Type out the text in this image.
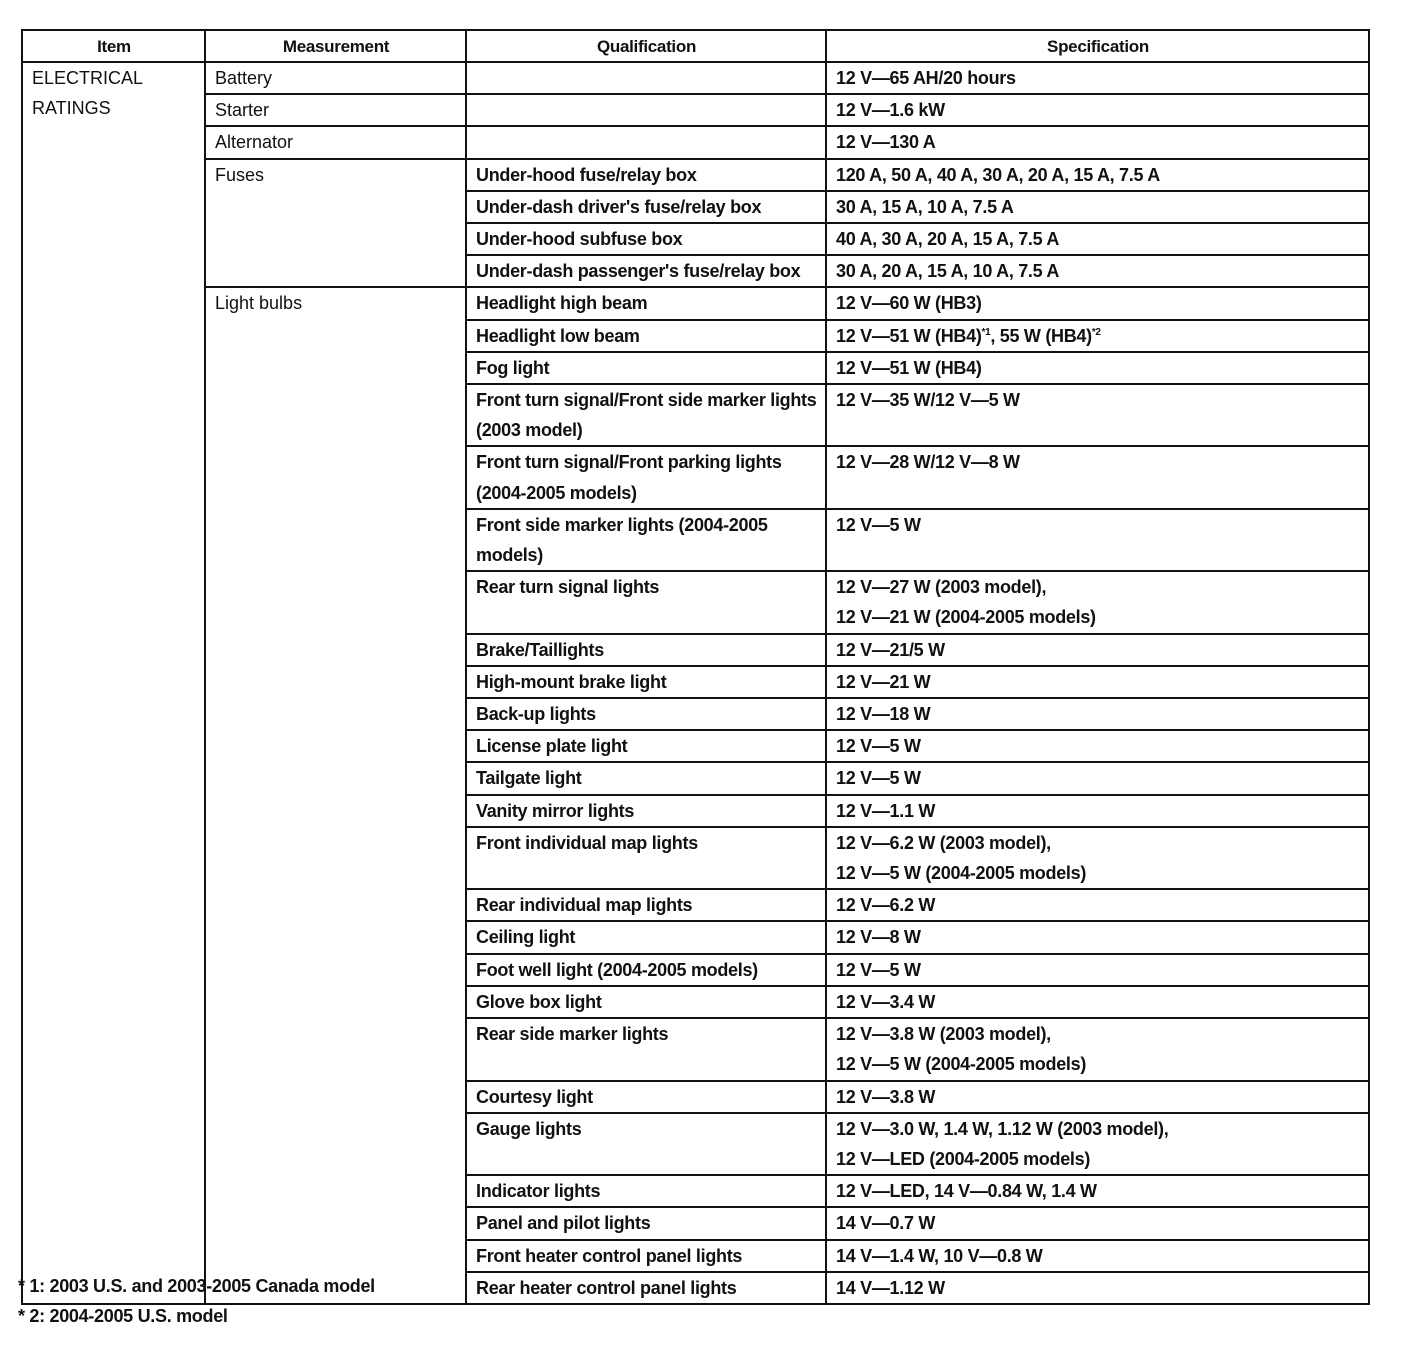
Item	Measurement	Qualification	Specification

ELECTRICAL
RATINGS	Battery		12 V—65 AH/20 hours
	Starter		12 V—1.6 kW
	Alternator		12 V—130 A
	Fuses	Under-hood fuse/relay box	120 A, 50 A, 40 A, 30 A, 20 A, 15 A, 7.5 A
		Under-dash driver's fuse/relay box	30 A, 15 A, 10 A, 7.5 A
		Under-hood subfuse box	40 A, 30 A, 20 A, 15 A, 7.5 A
		Under-dash passenger's fuse/relay box	30 A, 20 A, 15 A, 10 A, 7.5 A
	Light bulbs	Headlight high beam	12 V—60 W (HB3)
		Headlight low beam	12 V—51 W $(HB4)^{*1}$, 55 W $(HB4)^{*2}$
		Fog light	12 V—51 W (HB4)
		Front turn signal/Front side marker lights (2003 model)	12 V—35 W/12 V—5 W
		Front turn signal/Front parking lights (2004-2005 models)	12 V—28 W/12 V—8 W
		Front side marker lights (2004-2005 models)	12 V—5 W
		Rear turn signal lights	12 V—27 W (2003 model),
12 V—21 W (2004-2005 models)

		Brake/Taillights	12 V—21/5 W
		High-mount brake light	12 V—21 W
		Back-up lights	12 V—18 W
		License plate light	12 V—5 W
		Tailgate light	12 V—5 W
		Vanity mirror lights	12 V—1.1 W
		Front individual map lights	12 V—6.2 W (2003 model),
12 V—5 W (2004-2005 models)

		Rear individual map lights	12 V—6.2 W
		Ceiling light	12 V—8 W
		Foot well light (2004-2005 models)	12 V—5 W
		Glove box light	12 V—3.4 W
		Rear side marker lights	12 V—3.8 W (2003 model),
12 V—5 W (2004-2005 models)

		Courtesy light	12 V—3.8 W
		Gauge lights	12 V—3.0 W, 1.4 W, 1.12 W (2003 model),
12 V—LED (2004-2005 models)

		Indicator lights	12 V—LED, 14 V—0.84 W, 1.4 W
		Panel and pilot lights	14 V—0.7 W
		Front heater control panel lights	14 V—1.4 W, 10 V—0.8 W
		Rear heater control panel lights	14 V—1.12 W
* 1: 2003 U.S. and 2003-2005 Canada model
* 2: 2004-2005 U.S. model
